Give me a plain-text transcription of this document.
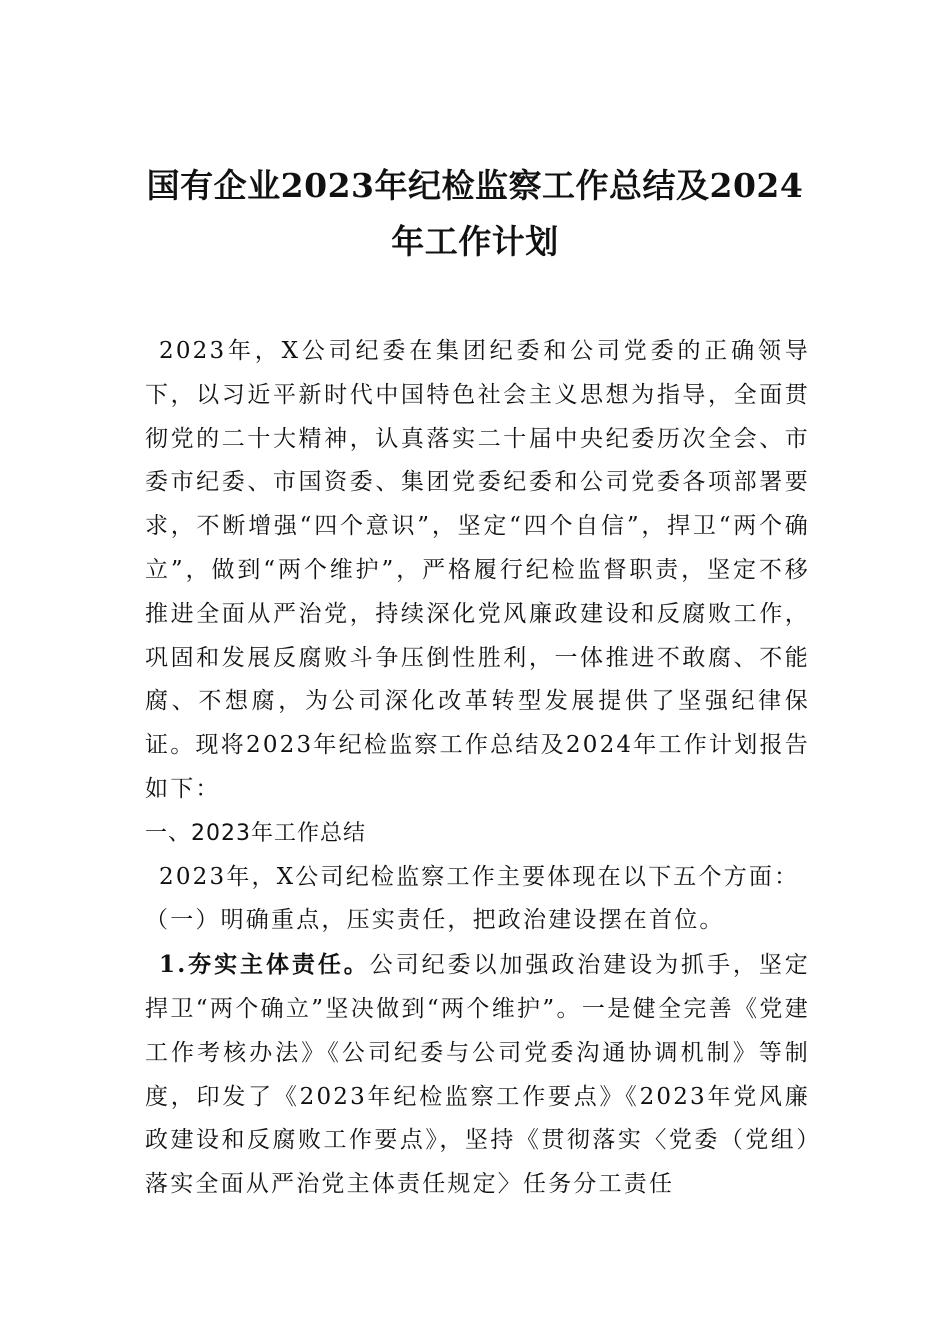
国有企业2023年纪检监察工作总结及2024
年工作计划

2023年，X公司纪委在集团纪委和公司党委的正确领导下，以习近平新时代中国特色社会主义思想为指导，全面贯彻党的二十大精神，认真落实二十届中央纪委历次全会、市委市纪委、市国资委、集团党委纪委和公司党委各项部署要求，不断增强“四个意识”，坚定“四个自信”，捍卫“两个确立”，做到“两个维护”，严格履行纪检监督职责，坚定不移推进全面从严治党，持续深化党风廉政建设和反腐败工作，巩固和发展反腐败斗争压倒性胜利，一体推进不敢腐、不能腐、不想腐，为公司深化改革转型发展提供了坚强纪律保证。现将2023年纪检监察工作总结及2024年工作计划报告如下：

一、2023年工作总结

2023年，X公司纪检监察工作主要体现在以下五个方面：

（一）明确重点，压实责任，把政治建设摆在首位。

1.夯实主体责任。公司纪委以加强政治建设为抓手，坚定捍卫“两个确立”坚决做到“两个维护”。一是健全完善《党建工作考核办法》《公司纪委与公司党委沟通协调机制》等制度，印发了《2023年纪检监察工作要点》《2023年党风廉政建设和反腐败工作要点》，坚持《贯彻落实〈党委（党组）落实全面从严治党主体责任规定〉任务分工责任
